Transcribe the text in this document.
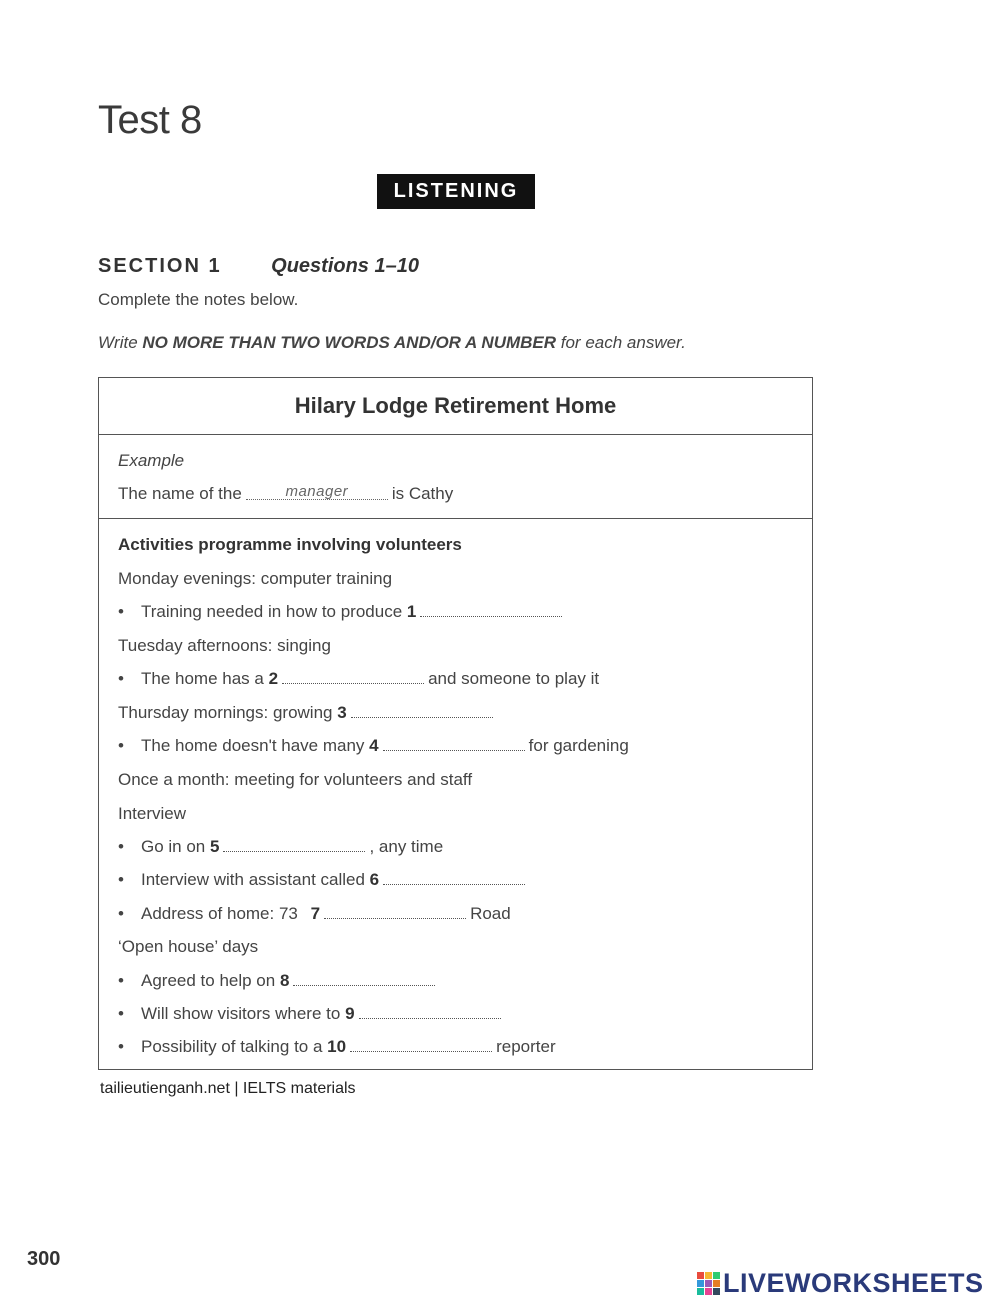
Test 8
LISTENING
SECTION 1 Questions 1–10
Complete the notes below.
Write NO MORE THAN TWO WORDS AND/OR A NUMBER for each answer.
Hilary Lodge Retirement Home
Example
The name of the	manager	is Cathy
Activities programme involving volunteers
Monday evenings: computer training
• Training needed in how to produce 1
Tuesday afternoons: singing
• The home has a 2	and someone to play it
Thursday mornings: growing 3
• The home doesn't have many 4	for gardening
Once a month: meeting for volunteers and staff
Interview
• Go in on 5	, any time
• Interview with assistant called 6
• Address of home: 73 7	Road
‘Open house’ days
• Agreed to help on 8
• Will show visitors where to 9
• Possibility of talking to a 10	reporter
tailieutienganh.net | IELTS materials
300
LIVEWORKSHEETS
